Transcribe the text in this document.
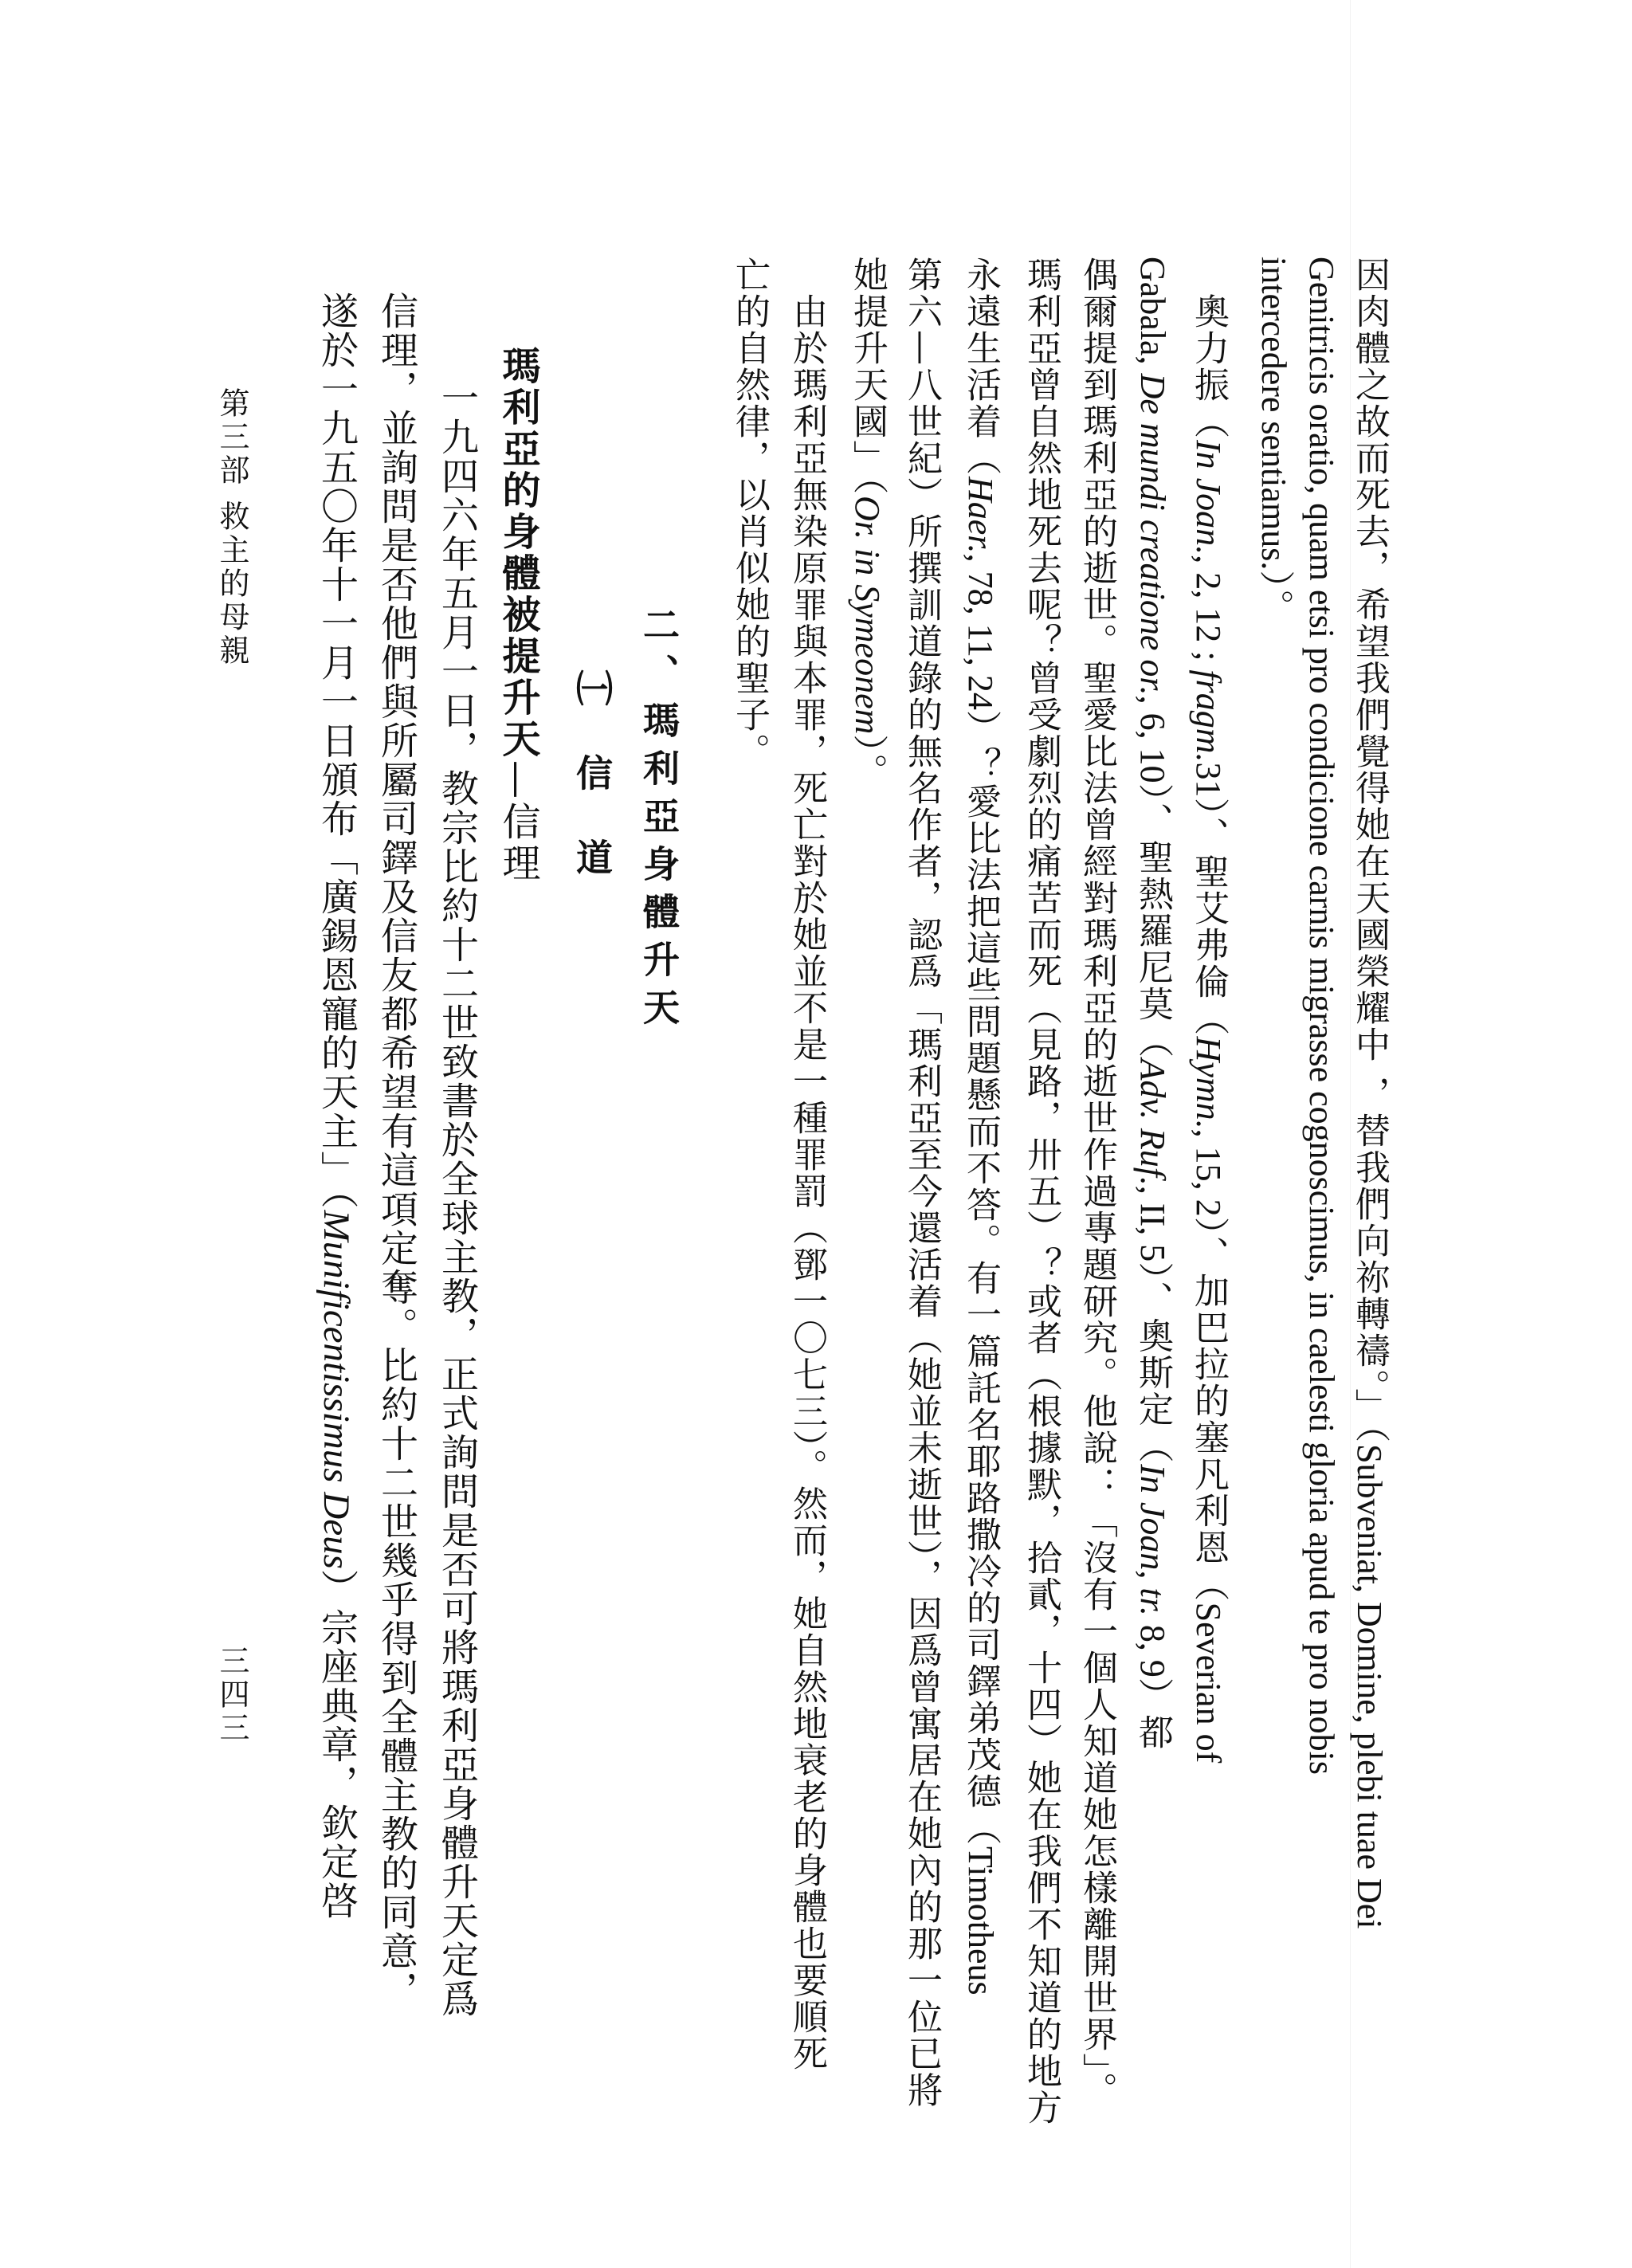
因肉體之故而死去，希望我們覺得她在天國榮耀中 ，替我們向祢轉禱。」（Subveniat, Domine, plebi tuae Dei
Genitricis oratio, quam etsi pro condicione carnis migrasse cognoscimus, in caelesti gloria apud te pro nobis
intercedere sentiamus.）。
　奧力振（In Joan., 2, 12 ; fragm.31）、聖艾弗倫（Hymn., 15, 2）、加巴拉的塞凡利恩（Severian of
Gabala, De mundi creatione or., 6, 10）、聖熱羅尼莫（Adv. Ruf., II, 5）、奧斯定（In Joan, tr. 8, 9）都
偶爾提到瑪利亞的逝世。聖愛比法曾經對瑪利亞的逝世作過專題研究。他說：「沒有一個人知道她怎樣離開世界」。
瑪利亞曾自然地死去呢？曾受劇烈的痛苦而死（見路，卅五）？或者（根據默，拾貳，十四）她在我們不知道的地方
永遠生活着（Haer., 78, 11, 24）？愛比法把這些問題懸而不答。有一篇託名耶路撒冷的司鐸弟茂德（Timotheus
第六—八世紀）所撰訓道錄的無名作者，認爲「瑪利亞至今還活着（她並未逝世），因爲曾寓居在她內的那一位已將
她提升天國」（Or. in Symeonem）。
　由於瑪利亞無染原罪與本罪，死亡對於她並不是一種罪罰（鄧一〇七三）。然而，她自然地衰老的身體也要順死
亡的自然律，以肖似她的聖子。
二、瑪利亞身體升天
㈠信道
瑪利亞的身體被提升天—信理
　一九四六年五月一日，教宗比約十二世致書於全球主教，正式詢問是否可將瑪利亞身體升天定爲
信理，並詢問是否他們與所屬司鐸及信友都希望有這項定奪。比約十二世幾乎得到全體主教的同意，
遂於一九五〇年十一月一日頒布「廣錫恩寵的天主」（Munificentissimus Deus）宗座典章，欽定啓
第三部 救主的母親
三四三
